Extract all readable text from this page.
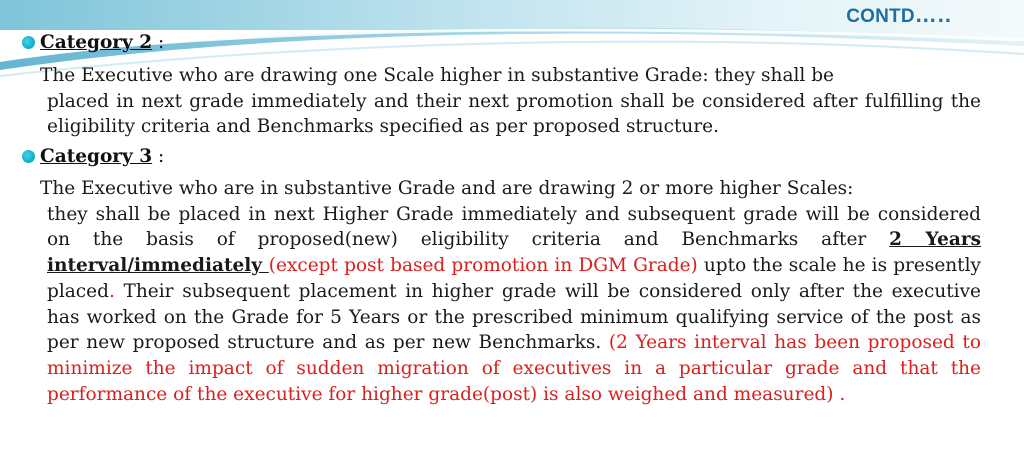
CONTD…..
Category 2 :
The Executive who are drawing one Scale higher in substantive Grade: they shall be
placed in next grade immediately and their next promotion shall be considered after fulfilling the eligibility criteria and Benchmarks specified as per proposed structure.
Category 3 :
The Executive who are in substantive Grade and are drawing 2 or more higher Scales:
they shall be placed in next Higher Grade immediately and subsequent grade will be considered on the basis of proposed(new) eligibility criteria and Benchmarks after 2 Years interval/immediately (except post based promotion in DGM Grade) upto the scale he is presently placed. Their subsequent placement in higher grade will be considered only after the executive has worked on the Grade for 5 Years or the prescribed minimum qualifying service of the post as per new proposed structure and as per new Benchmarks. (2 Years interval has been proposed to minimize the impact of sudden migration of executives in a particular grade and that the performance of the executive for higher grade(post) is also weighed and measured) .
